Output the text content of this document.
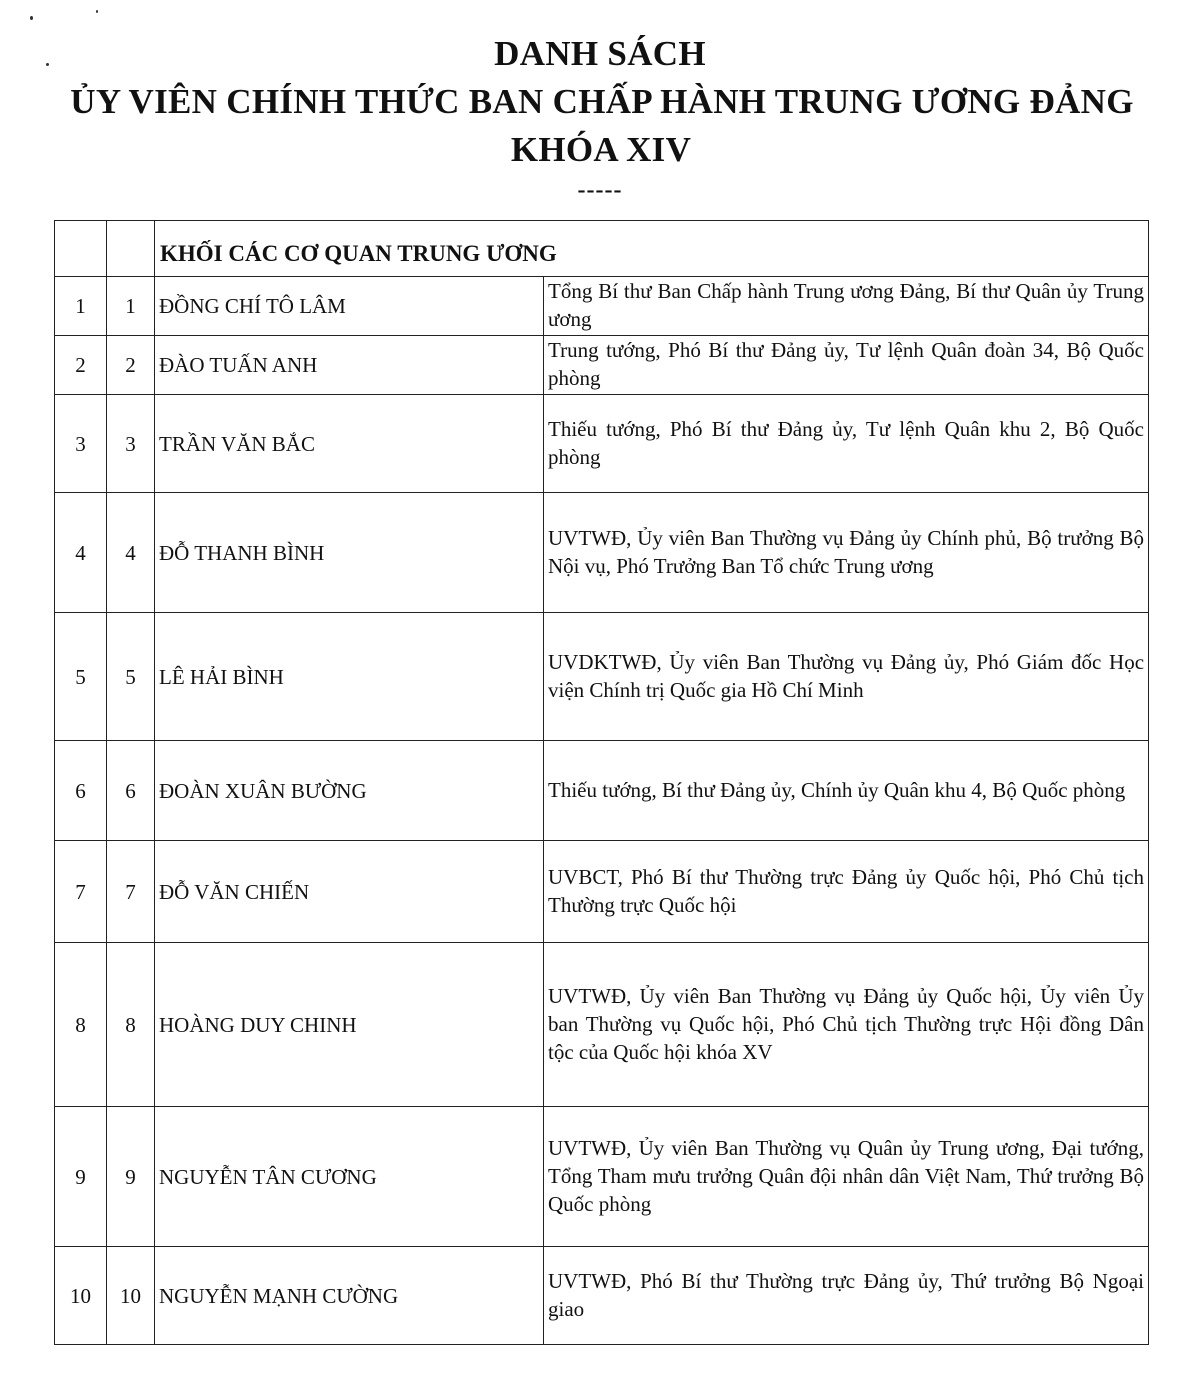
DANH SÁCH
ỦY VIÊN CHÍNH THỨC BAN CHẤP HÀNH TRUNG ƯƠNG ĐẢNG
KHÓA XIV
-----
		KHỐI CÁC CƠ QUAN TRUNG ƯƠNG	
1	1	ĐỒNG CHÍ TÔ LÂM	Tổng Bí thư Ban Chấp hành Trung ương Đảng, Bí thư Quân ủy Trung ương
2	2	ĐÀO TUẤN ANH	Trung tướng, Phó Bí thư Đảng ủy, Tư lệnh Quân đoàn 34, Bộ Quốc phòng
3	3	TRẦN VĂN BẮC	Thiếu tướng, Phó Bí thư Đảng ủy, Tư lệnh Quân khu 2, Bộ Quốc phòng
4	4	ĐỖ THANH BÌNH	UVTWĐ, Ủy viên Ban Thường vụ Đảng ủy Chính phủ, Bộ trưởng Bộ Nội vụ, Phó Trưởng Ban Tổ chức Trung ương
5	5	LÊ HẢI BÌNH	UVDKTWĐ, Ủy viên Ban Thường vụ Đảng ủy, Phó Giám đốc Học viện Chính trị Quốc gia Hồ Chí Minh
6	6	ĐOÀN XUÂN BƯỜNG	Thiếu tướng, Bí thư Đảng ủy, Chính ủy Quân khu 4, Bộ Quốc phòng
7	7	ĐỖ VĂN CHIẾN	UVBCT, Phó Bí thư Thường trực Đảng ủy Quốc hội, Phó Chủ tịch Thường trực Quốc hội
8	8	HOÀNG DUY CHINH	UVTWĐ, Ủy viên Ban Thường vụ Đảng ủy Quốc hội, Ủy viên Ủy ban Thường vụ Quốc hội, Phó Chủ tịch Thường trực Hội đồng Dân tộc của Quốc hội khóa XV
9	9	NGUYỄN TÂN CƯƠNG	UVTWĐ, Ủy viên Ban Thường vụ Quân ủy Trung ương, Đại tướng, Tổng Tham mưu trưởng Quân đội nhân dân Việt Nam, Thứ trưởng Bộ Quốc phòng
10	10	NGUYỄN MẠNH CƯỜNG	UVTWĐ, Phó Bí thư Thường trực Đảng ủy, Thứ trưởng Bộ Ngoại giao
